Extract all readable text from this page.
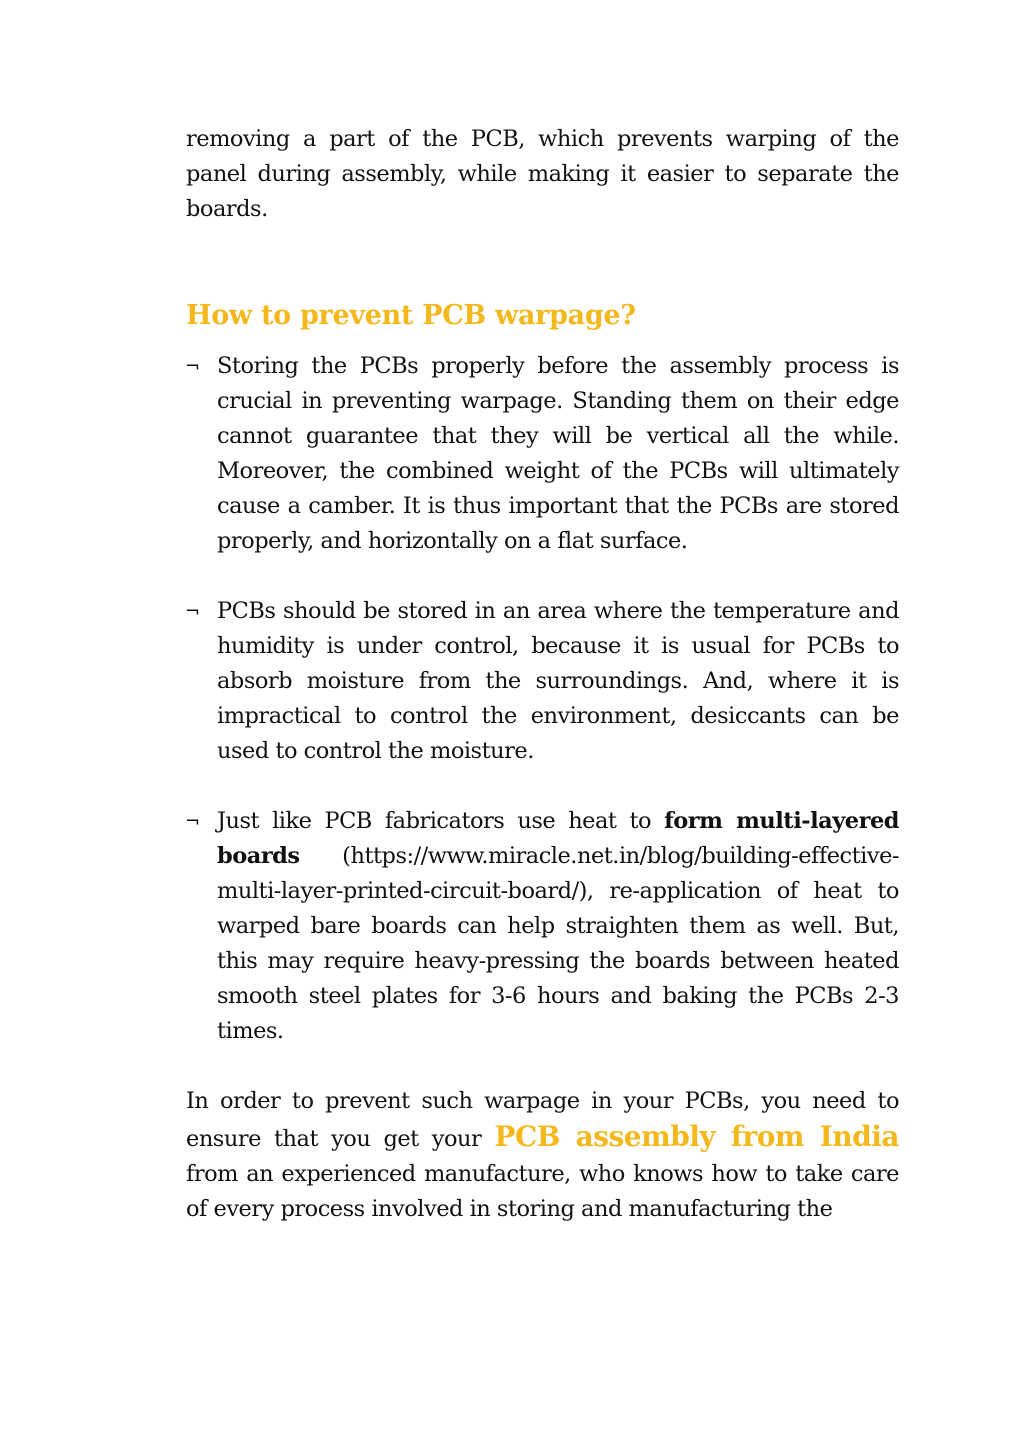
removing a part of the PCB, which prevents warping of the panel during assembly, while making it easier to separate the boards.

How to prevent PCB warpage?
¬ Storing the PCBs properly before the assembly process is crucial in preventing warpage. Standing them on their edge cannot guarantee that they will be vertical all the while. Moreover, the combined weight of the PCBs will ultimately cause a camber. It is thus important that the PCBs are stored properly, and horizontally on a flat surface.

¬ PCBs should be stored in an area where the temperature and humidity is under control, because it is usual for PCBs to absorb moisture from the surroundings. And, where it is impractical to control the environment, desiccants can be used to control the moisture.

¬ Just like PCB fabricators use heat to form multi-layered boards (https://www.miracle.net.in/blog/building-effective-multi-layer-printed-circuit-board/), re-application of heat to warped bare boards can help straighten them as well. But, this may require heavy-pressing the boards between heated smooth steel plates for 3-6 hours and baking the PCBs 2-3 times.

In order to prevent such warpage in your PCBs, you need to ensure that you get your PCB assembly from India from an experienced manufacture, who knows how to take care of every process involved in storing and manufacturing the
